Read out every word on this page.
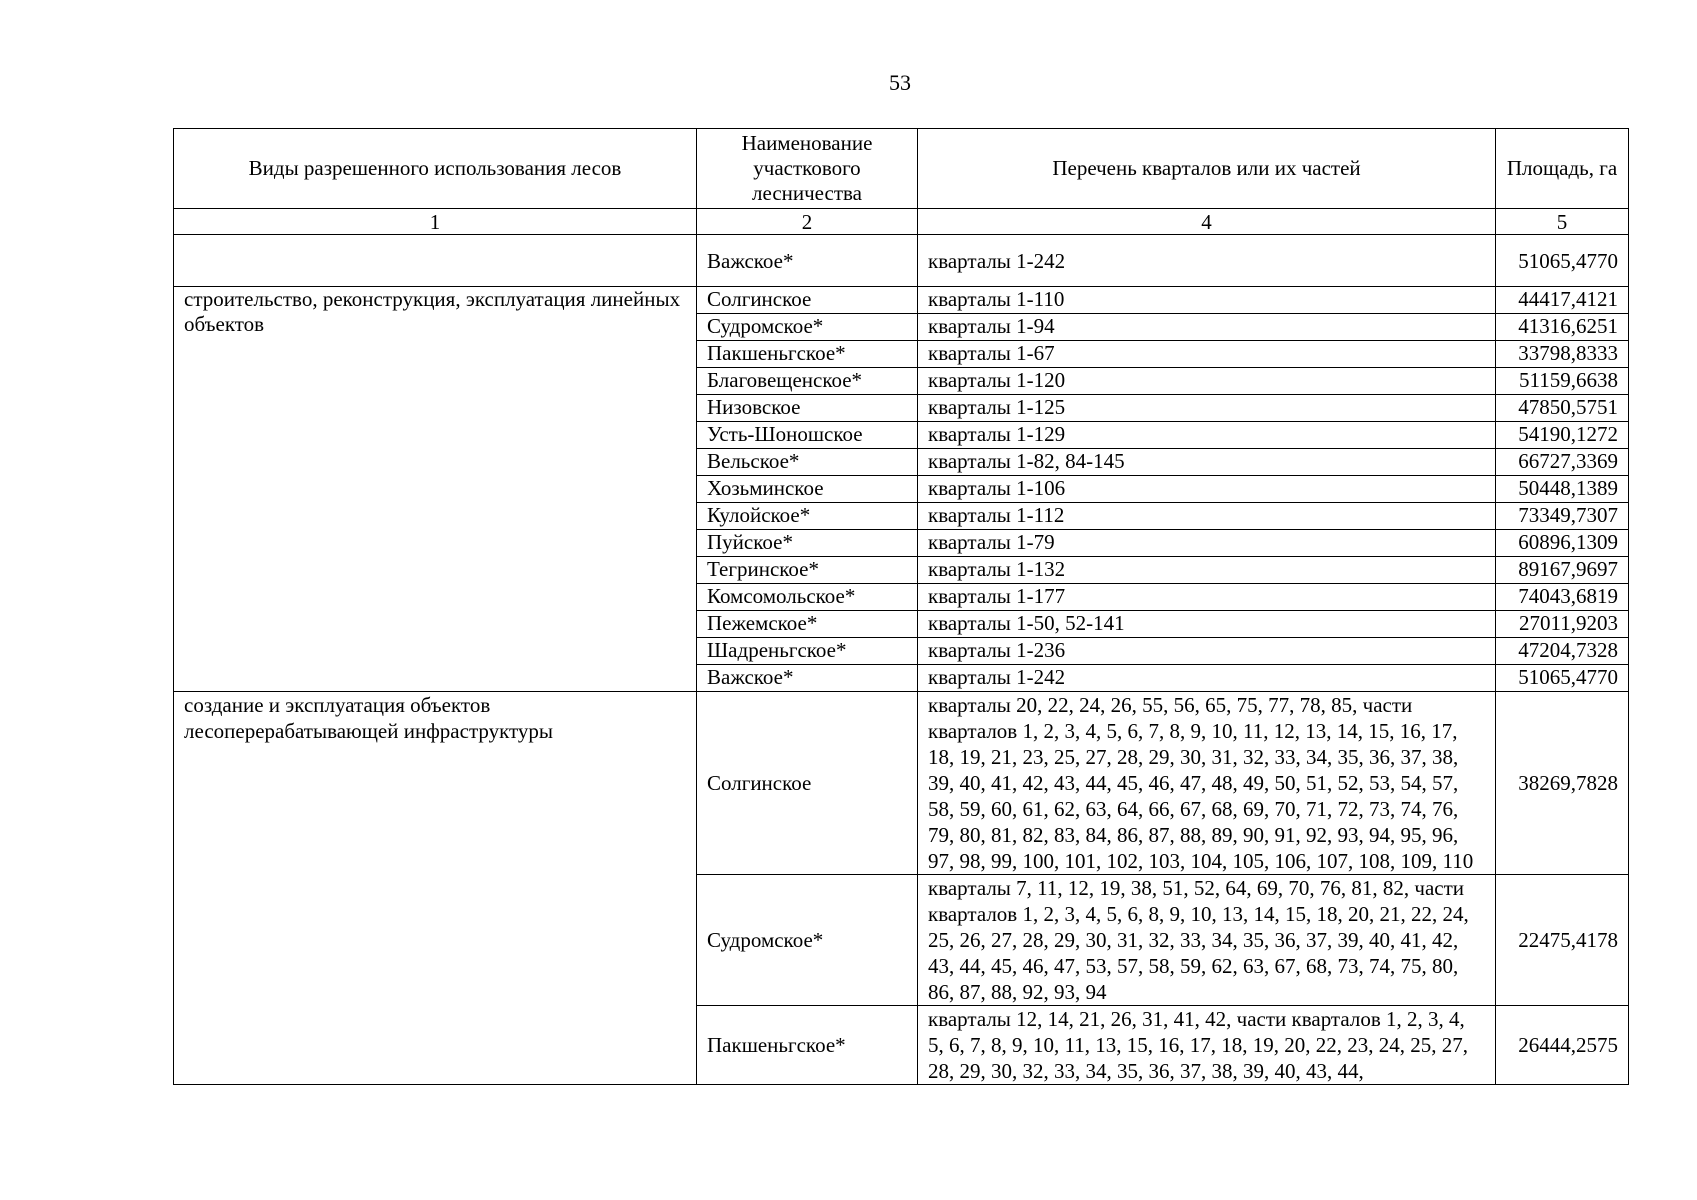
53
Виды разрешенного использования лесов	Наименование участкового лесничества	Перечень кварталов или их частей	Площадь, га
1	2	4	5
	Важское*	кварталы 1-242	51065,4770
строительство, реконструкция, эксплуатация линейных объектов	Солгинское	кварталы 1-110	44417,4121
	Судромское*	кварталы 1-94	41316,6251
	Пакшеньгское*	кварталы 1-67	33798,8333
	Благовещенское*	кварталы 1-120	51159,6638
	Низовское	кварталы 1-125	47850,5751
	Усть-Шоношское	кварталы 1-129	54190,1272
	Вельское*	кварталы 1-82, 84-145	66727,3369
	Хозьминское	кварталы 1-106	50448,1389
	Кулойское*	кварталы 1-112	73349,7307
	Пуйское*	кварталы 1-79	60896,1309
	Тегринское*	кварталы 1-132	89167,9697
	Комсомольское*	кварталы 1-177	74043,6819
	Пежемское*	кварталы 1-50, 52-141	27011,9203
	Шадреньгское*	кварталы 1-236	47204,7328
	Важское*	кварталы 1-242	51065,4770
создание и эксплуатация объектов лесоперерабатывающей инфраструктуры	Солгинское	кварталы 20, 22, 24, 26, 55, 56, 65, 75, 77, 78, 85, части кварталов 1, 2, 3, 4, 5, 6, 7, 8, 9, 10, 11, 12, 13, 14, 15, 16, 17, 18, 19, 21, 23, 25, 27, 28, 29, 30, 31, 32, 33, 34, 35, 36, 37, 38, 39, 40, 41, 42, 43, 44, 45, 46, 47, 48, 49, 50, 51, 52, 53, 54, 57, 58, 59, 60, 61, 62, 63, 64, 66, 67, 68, 69, 70, 71, 72, 73, 74, 76, 79, 80, 81, 82, 83, 84, 86, 87, 88, 89, 90, 91, 92, 93, 94, 95, 96, 97, 98, 99, 100, 101, 102, 103, 104, 105, 106, 107, 108, 109, 110	38269,7828
	Судромское*	кварталы 7, 11, 12, 19, 38, 51, 52, 64, 69, 70, 76, 81, 82, части кварталов 1, 2, 3, 4, 5, 6, 8, 9, 10, 13, 14, 15, 18, 20, 21, 22, 24, 25, 26, 27, 28, 29, 30, 31, 32, 33, 34, 35, 36, 37, 39, 40, 41, 42, 43, 44, 45, 46, 47, 53, 57, 58, 59, 62, 63, 67, 68, 73, 74, 75, 80, 86, 87, 88, 92, 93, 94	22475,4178
	Пакшеньгское*	кварталы 12, 14, 21, 26, 31, 41, 42, части кварталов 1, 2, 3, 4, 5, 6, 7, 8, 9, 10, 11, 13, 15, 16, 17, 18, 19, 20, 22, 23, 24, 25, 27, 28, 29, 30, 32, 33, 34, 35, 36, 37, 38, 39, 40, 43, 44,	26444,2575
